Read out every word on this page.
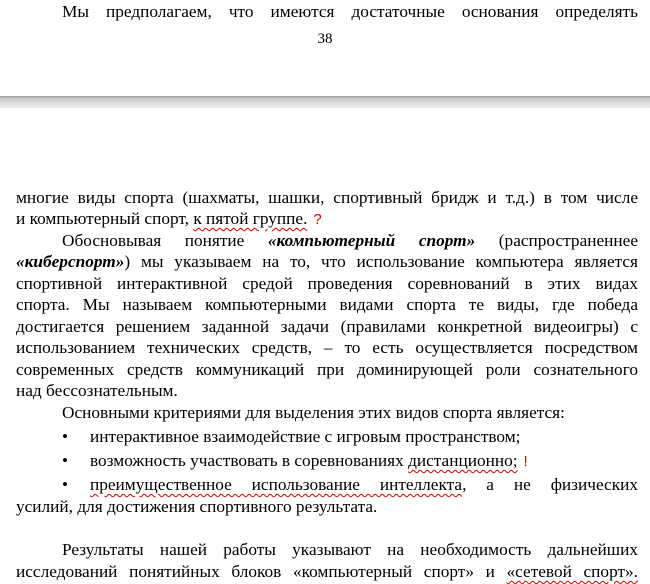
Мы предполагаем, что имеются достаточные основания определять
38
многие виды спорта (шахматы, шашки, спортивный бридж и т.д.) в том числе
и компьютерный спорт, к пятой группе. ?
Обосновывая понятие «компьютерный спорт» (распространеннее
«киберспорт») мы указываем на то, что использование компьютера является
спортивной интерактивной средой проведения соревнований в этих видах
спорта. Мы называем компьютерными видами спорта те виды, где победа
достигается решением заданной задачи (правилами конкретной видеоигры) с
использованием технических средств, – то есть осуществляется посредством
современных средств коммуникаций при доминирующей роли сознательного
над бессознательным.
Основными критериями для выделения этих видов спорта является:
• интерактивное взаимодействие с игровым пространством;
• возможность участвовать в соревнованиях дистанционно; !
• преимущественное использование интеллекта, а не физических
усилий, для достижения спортивного результата.
Результаты нашей работы указывают на необходимость дальнейших
исследований понятийных блоков «компьютерный спорт» и «сетевой спорт».
